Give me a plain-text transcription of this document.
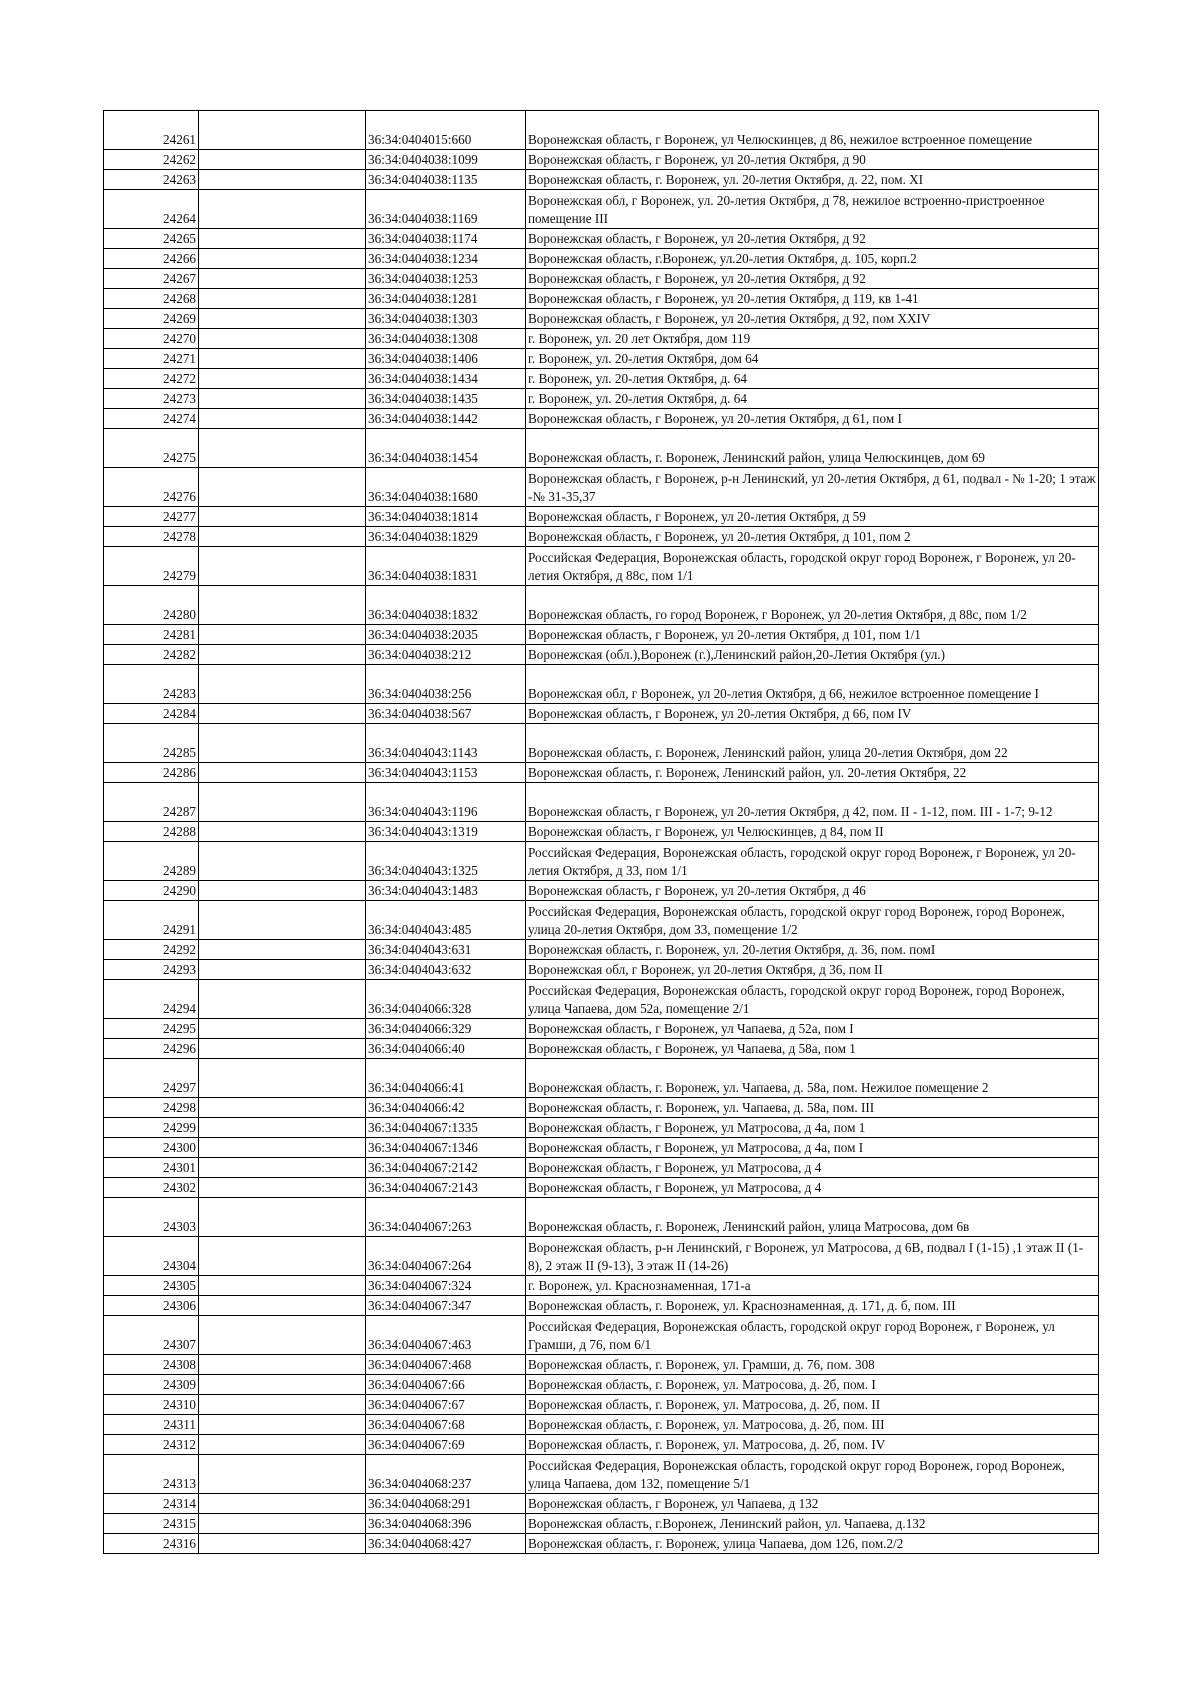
24261		36:34:0404015:660	Воронежская область, г Воронеж, ул Челюскинцев, д 86, нежилое встроенное помещение
24262		36:34:0404038:1099	Воронежская область, г Воронеж, ул 20-летия Октября, д 90
24263		36:34:0404038:1135	Воронежская область, г. Воронеж, ул. 20-летия Октября, д. 22, пом. XI
24264		36:34:0404038:1169	Воронежская обл, г Воронеж, ул. 20-летия Октября, д 78, нежилое встроенно-пристроенное помещение III
24265		36:34:0404038:1174	Воронежская область, г Воронеж, ул 20-летия Октября, д 92
24266		36:34:0404038:1234	Воронежская область, г.Воронеж, ул.20-летия Октября, д. 105, корп.2
24267		36:34:0404038:1253	Воронежская область, г Воронеж, ул 20-летия Октября, д 92
24268		36:34:0404038:1281	Воронежская область, г Воронеж, ул 20-летия Октября, д 119, кв 1-41
24269		36:34:0404038:1303	Воронежская область, г Воронеж, ул 20-летия Октября, д 92, пом XXIV
24270		36:34:0404038:1308	г. Воронеж, ул. 20 лет Октября, дом 119
24271		36:34:0404038:1406	г. Воронеж, ул. 20-летия Октября, дом 64
24272		36:34:0404038:1434	г. Воронеж, ул. 20-летия Октября, д. 64
24273		36:34:0404038:1435	г. Воронеж, ул. 20-летия Октября, д. 64
24274		36:34:0404038:1442	Воронежская область, г Воронеж, ул 20-летия Октября, д 61, пом I
24275		36:34:0404038:1454	Воронежская область, г. Воронеж, Ленинский район, улица Челюскинцев, дом 69
24276		36:34:0404038:1680	Воронежская область, г Воронеж, р-н Ленинский, ул 20-летия Октября, д 61, подвал - № 1-20; 1 этаж -№ 31-35,37
24277		36:34:0404038:1814	Воронежская область, г Воронеж, ул 20-летия Октября, д 59
24278		36:34:0404038:1829	Воронежская область, г Воронеж, ул 20-летия Октября, д 101, пом 2
24279		36:34:0404038:1831	Российская Федерация, Воронежская область, городской округ город Воронеж, г Воронеж, ул 20-летия Октября, д 88с, пом 1/1
24280		36:34:0404038:1832	Воронежская область, го город Воронеж, г Воронеж, ул 20-летия Октября, д 88с, пом 1/2
24281		36:34:0404038:2035	Воронежская область, г Воронеж, ул 20-летия Октября, д 101, пом 1/1
24282		36:34:0404038:212	Воронежская (обл.),Воронеж (г.),Ленинский район,20-Летия Октября (ул.)
24283		36:34:0404038:256	Воронежская обл, г Воронеж, ул 20-летия Октября, д 66, нежилое встроенное помещение I
24284		36:34:0404038:567	Воронежская область, г Воронеж, ул 20-летия Октября, д 66, пом IV
24285		36:34:0404043:1143	Воронежская область, г. Воронеж, Ленинский район, улица 20-летия Октября, дом 22
24286		36:34:0404043:1153	Воронежская область, г. Воронеж, Ленинский район, ул. 20-летия Октября, 22
24287		36:34:0404043:1196	Воронежская область, г Воронеж, ул 20-летия Октября, д 42, пом. II - 1-12, пом. III - 1-7; 9-12
24288		36:34:0404043:1319	Воронежская область, г Воронеж, ул Челюскинцев, д 84, пом II
24289		36:34:0404043:1325	Российская Федерация, Воронежская область, городской округ город Воронеж, г Воронеж, ул 20-летия Октября, д 33, пом 1/1
24290		36:34:0404043:1483	Воронежская область, г Воронеж, ул 20-летия Октября, д 46
24291		36:34:0404043:485	Российская Федерация, Воронежская область, городской округ город Воронеж, город Воронеж, улица 20-летия Октября, дом 33, помещение 1/2
24292		36:34:0404043:631	Воронежская область, г. Воронеж, ул. 20-летия Октября, д. 36, пом. помI
24293		36:34:0404043:632	Воронежская обл, г Воронеж, ул 20-летия Октября, д 36, пом II
24294		36:34:0404066:328	Российская Федерация, Воронежская область, городской округ город Воронеж, город Воронеж, улица Чапаева, дом 52а, помещение 2/1
24295		36:34:0404066:329	Воронежская область, г Воронеж, ул Чапаева, д 52а, пом I
24296		36:34:0404066:40	Воронежская область, г Воронеж, ул Чапаева, д 58а, пом 1
24297		36:34:0404066:41	Воронежская область, г. Воронеж, ул. Чапаева, д. 58а, пом. Нежилое помещение 2
24298		36:34:0404066:42	Воронежская область, г. Воронеж, ул. Чапаева, д. 58а, пом. III
24299		36:34:0404067:1335	Воронежская область, г Воронеж, ул Матросова, д 4а, пом 1
24300		36:34:0404067:1346	Воронежская область, г Воронеж, ул Матросова, д 4а, пом I
24301		36:34:0404067:2142	Воронежская область, г Воронеж, ул Матросова, д 4
24302		36:34:0404067:2143	Воронежская область, г Воронеж, ул Матросова, д 4
24303		36:34:0404067:263	Воронежская область, г. Воронеж, Ленинский район, улица Матросова, дом 6в
24304		36:34:0404067:264	Воронежская область, р-н Ленинский, г Воронеж, ул Матросова, д 6В, подвал I (1-15) ,1 этаж II (1-8), 2 этаж II (9-13), 3 этаж II (14-26)
24305		36:34:0404067:324	г. Воронеж, ул. Краснознаменная, 171-а
24306		36:34:0404067:347	Воронежская область, г. Воронеж, ул. Краснознаменная, д. 171, д. б, пом. III
24307		36:34:0404067:463	Российская Федерация, Воронежская область, городской округ город Воронеж, г Воронеж, ул Грамши, д 76, пом 6/1
24308		36:34:0404067:468	Воронежская область, г. Воронеж, ул. Грамши, д. 76, пом. 308
24309		36:34:0404067:66	Воронежская область, г. Воронеж, ул. Матросова, д. 2б, пом. I
24310		36:34:0404067:67	Воронежская область, г. Воронеж, ул. Матросова, д. 2б, пом. II
24311		36:34:0404067:68	Воронежская область, г. Воронеж, ул. Матросова, д. 2б, пом. III
24312		36:34:0404067:69	Воронежская область, г. Воронеж, ул. Матросова, д. 2б, пом. IV
24313		36:34:0404068:237	Российская Федерация, Воронежская область, городской округ город Воронеж, город Воронеж, улица Чапаева, дом 132, помещение 5/1
24314		36:34:0404068:291	Воронежская область, г Воронеж, ул Чапаева, д 132
24315		36:34:0404068:396	Воронежская область, г.Воронеж, Ленинский район, ул. Чапаева, д.132
24316		36:34:0404068:427	Воронежская область, г. Воронеж, улица Чапаева, дом 126, пом.2/2
